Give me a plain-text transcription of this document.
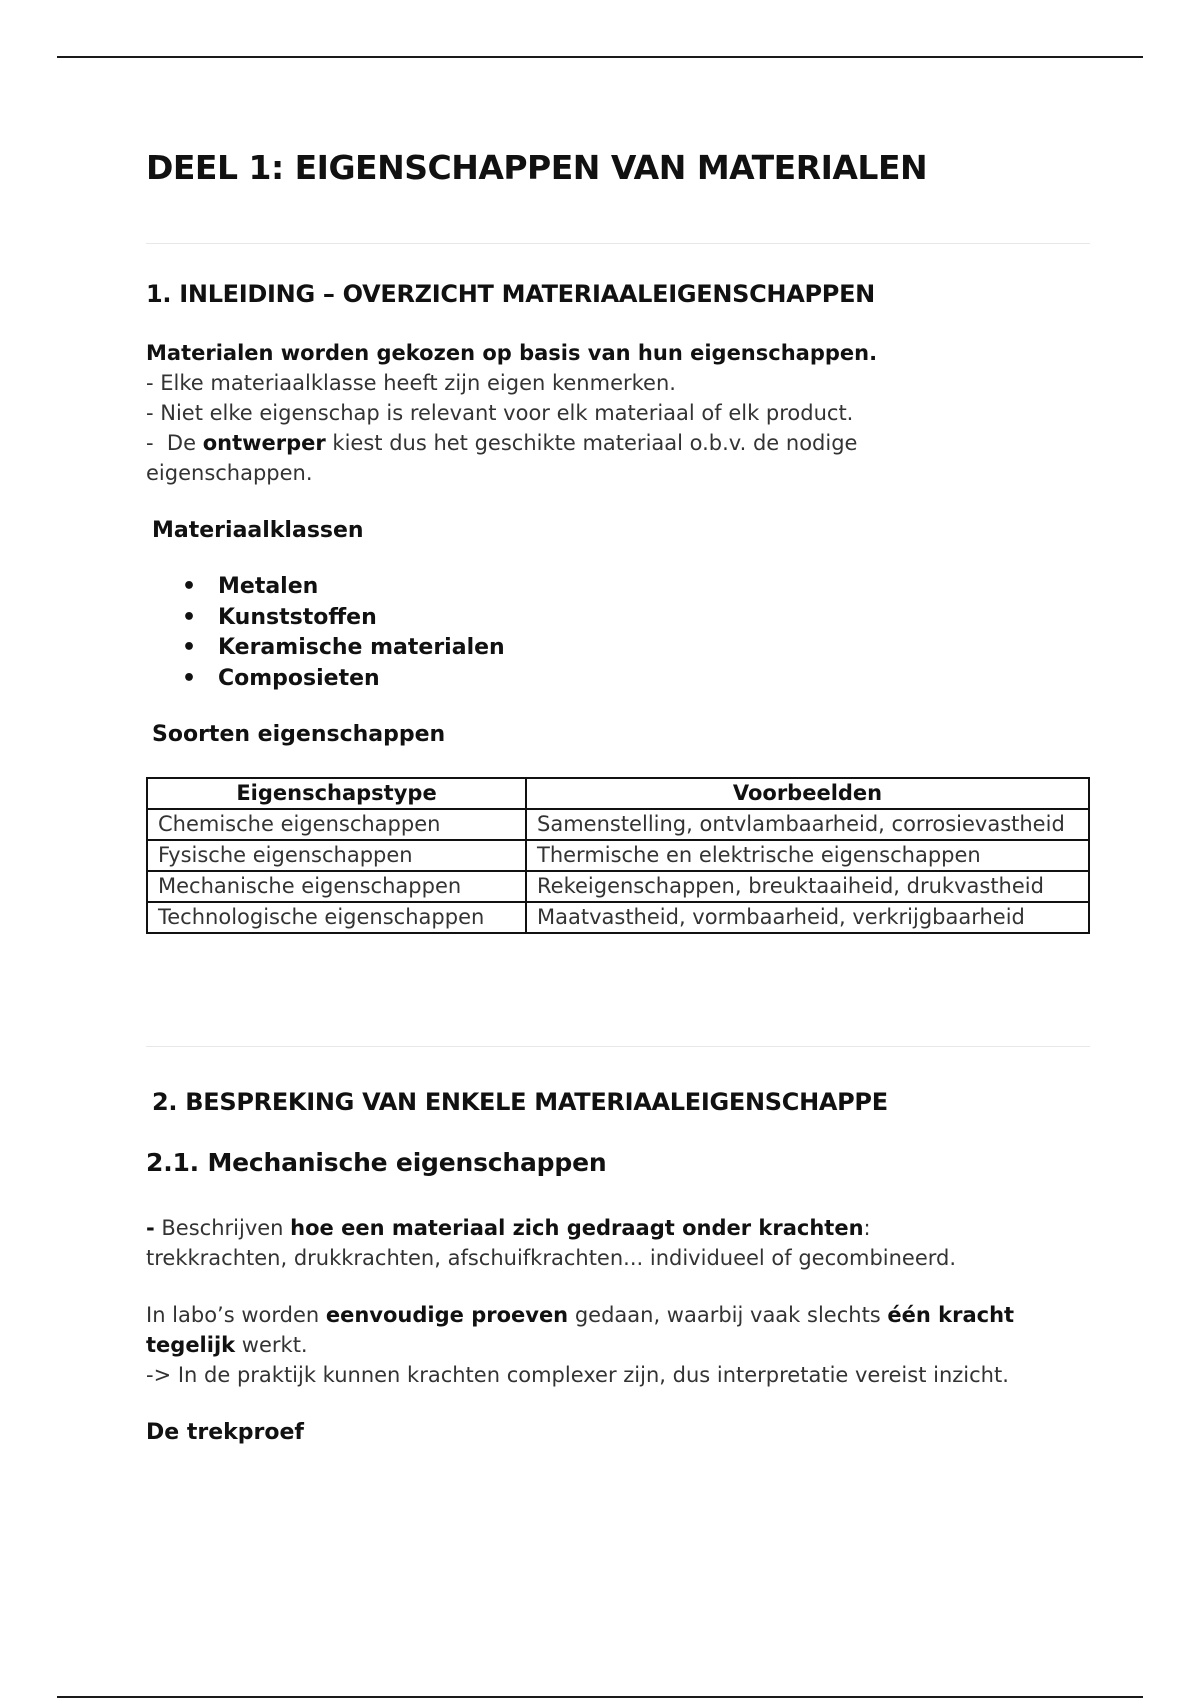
DEEL 1: EIGENSCHAPPEN VAN MATERIALEN
1. INLEIDING – OVERZICHT MATERIAALEIGENSCHAPPEN
Materialen worden gekozen op basis van hun eigenschappen.
- Elke materiaalklasse heeft zijn eigen kenmerken.
- Niet elke eigenschap is relevant voor elk materiaal of elk product.
-  De ontwerper kiest dus het geschikte materiaal o.b.v. de nodige
eigenschappen.
Materiaalklassen
• Metalen
• Kunststoffen
• Keramische materialen
• Composieten
Soorten eigenschappen
Eigenschapstype	Voorbeelden
Chemische eigenschappen	Samenstelling, ontvlambaarheid, corrosievastheid
Fysische eigenschappen	Thermische en elektrische eigenschappen
Mechanische eigenschappen	Rekeigenschappen, breuktaaiheid, drukvastheid
Technologische eigenschappen	Maatvastheid, vormbaarheid, verkrijgbaarheid
2. BESPREKING VAN ENKELE MATERIAALEIGENSCHAPPE
2.1. Mechanische eigenschappen
- Beschrijven hoe een materiaal zich gedraagt onder krachten:
trekkrachten, drukkrachten, afschuifkrachten... individueel of gecombineerd.
In labo’s worden eenvoudige proeven gedaan, waarbij vaak slechts één kracht
tegelijk werkt.
-> In de praktijk kunnen krachten complexer zijn, dus interpretatie vereist inzicht.
De trekproef
